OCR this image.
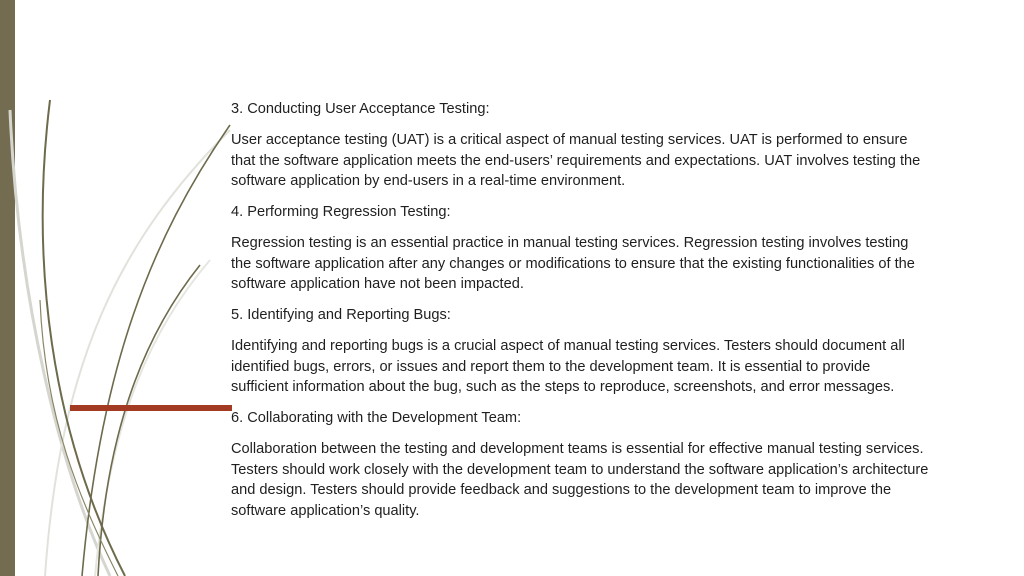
3. Conducting User Acceptance Testing:

User acceptance testing (UAT) is a critical aspect of manual testing services. UAT is performed to ensure that the software application meets the end-users’ requirements and expectations. UAT involves testing the software application by end-users in a real-time environment.

4. Performing Regression Testing:

Regression testing is an essential practice in manual testing services. Regression testing involves testing the software application after any changes or modifications to ensure that the existing functionalities of the software application have not been impacted.

5. Identifying and Reporting Bugs:

Identifying and reporting bugs is a crucial aspect of manual testing services. Testers should document all identified bugs, errors, or issues and report them to the development team. It is essential to provide sufficient information about the bug, such as the steps to reproduce, screenshots, and error messages.

6. Collaborating with the Development Team:

Collaboration between the testing and development teams is essential for effective manual testing services. Testers should work closely with the development team to understand the software application’s architecture and design. Testers should provide feedback and suggestions to the development team to improve the software application’s quality.
